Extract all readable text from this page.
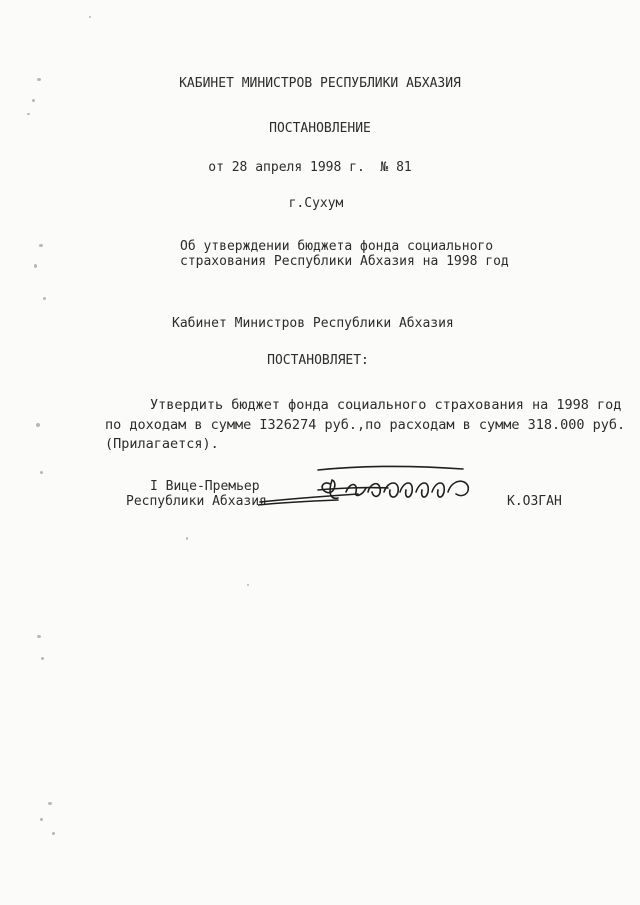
КАБИНЕТ МИНИСТРОВ РЕСПУБЛИКИ АБХАЗИЯ
ПОСТАНОВЛЕНИЕ
от 28 апреля 1998 г.  № 81
г.Сухум
Об утверждении бюджета фонда социального
страхования Республики Абхазия на 1998 год
Кабинет Министров Республики Абхазия
ПОСТАНОВЛЯЕТ:
Утвердить бюджет фонда социального страхования на 1998 год
по доходам в сумме I326274 руб.,по расходам в сумме 318.000 руб.
(Прилагается).
I Вице-Премьер
Республики Абхазия	К.ОЗГАН
